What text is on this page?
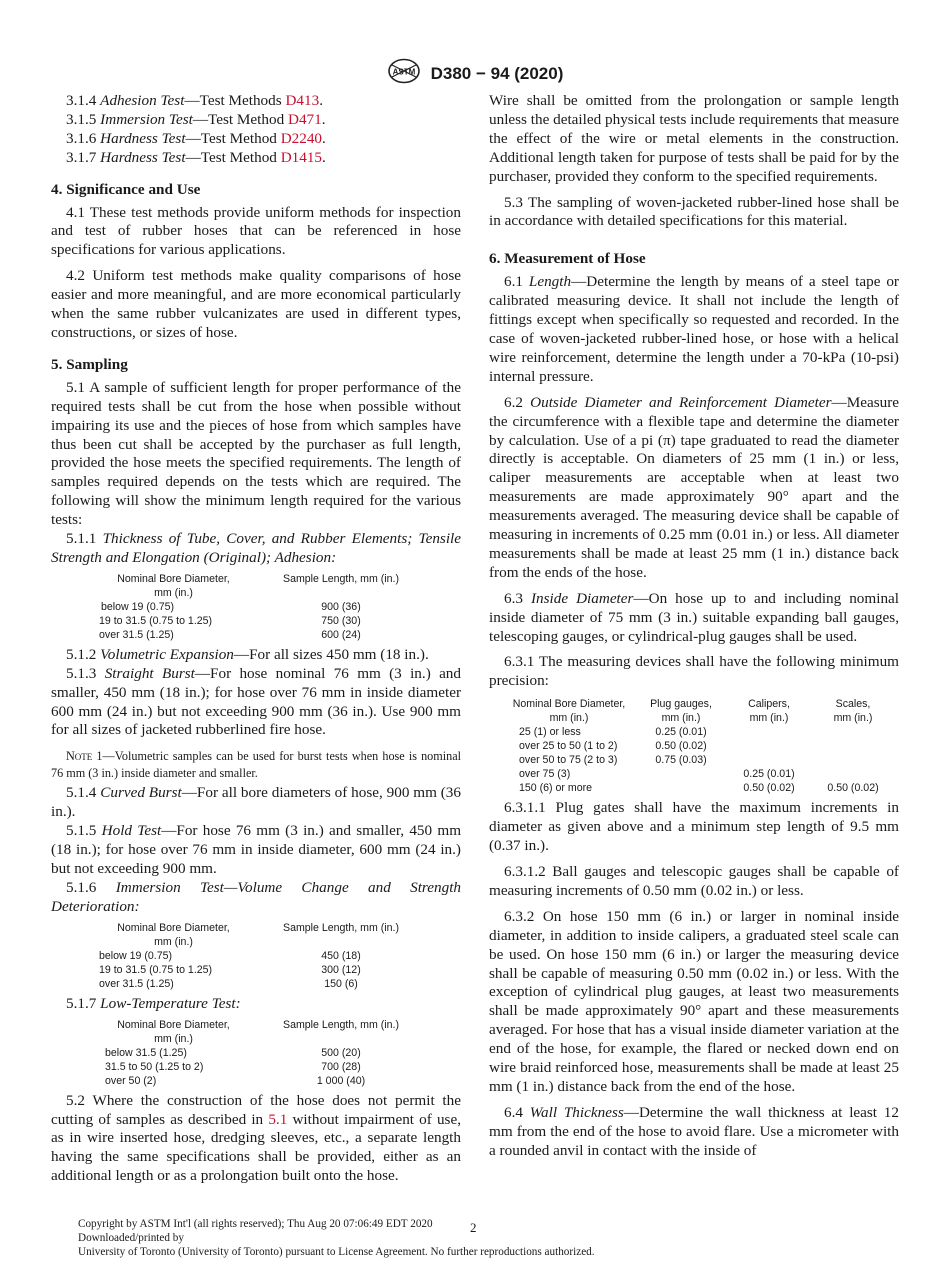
ASTM D380 − 94 (2020)

3.1.4 Adhesion Test—Test Methods D413.

3.1.5 Immersion Test—Test Method D471.

3.1.6 Hardness Test—Test Method D2240.

3.1.7 Hardness Test—Test Method D1415.

4. Significance and Use

4.1 These test methods provide uniform methods for inspection and test of rubber hoses that can be referenced in hose specifications for various applications.

4.2 Uniform test methods make quality comparisons of hose easier and more meaningful, and are more economical particularly when the same rubber vulcanizates are used in different types, constructions, or sizes of hose.

5. Sampling

5.1 A sample of sufficient length for proper performance of the required tests shall be cut from the hose when possible without impairing its use and the pieces of hose from which samples have thus been cut shall be accepted by the purchaser as full length, provided the hose meets the specified requirements. The length of samples required depends on the tests which are required. The following will show the minimum length required for the various tests:

5.1.1 Thickness of Tube, Cover, and Rubber Elements; Tensile Strength and Elongation (Original); Adhesion:

Nominal Bore Diameter,
mm (in.)	Sample Length, mm (in.)
below 19 (0.75)	900 (36)
19 to 31.5 (0.75 to 1.25)	750 (30)
over 31.5 (1.25)	600 (24)

5.1.2 Volumetric Expansion—For all sizes 450 mm (18 in.).

5.1.3 Straight Burst—For hose nominal 76 mm (3 in.) and smaller, 450 mm (18 in.); for hose over 76 mm in inside diameter 600 mm (24 in.) but not exceeding 900 mm (36 in.). Use 900 mm for all sizes of jacketed rubberlined fire hose.

Note 1—Volumetric samples can be used for burst tests when hose is nominal 76 mm (3 in.) inside diameter and smaller.

5.1.4 Curved Burst—For all bore diameters of hose, 900 mm (36 in.).

5.1.5 Hold Test—For hose 76 mm (3 in.) and smaller, 450 mm (18 in.); for hose over 76 mm in inside diameter, 600 mm (24 in.) but not exceeding 900 mm.

5.1.6 Immersion Test—Volume Change and Strength Deterioration:

Nominal Bore Diameter,
mm (in.)	Sample Length, mm (in.)
below 19 (0.75)	450 (18)
19 to 31.5 (0.75 to 1.25)	300 (12)
over 31.5 (1.25)	150 (6)

5.1.7 Low-Temperature Test:

Nominal Bore Diameter,
mm (in.)	Sample Length, mm (in.)
below 31.5 (1.25)	500 (20)
31.5 to 50 (1.25 to 2)	700 (28)
over 50 (2)	1 000 (40)

5.2 Where the construction of the hose does not permit the cutting of samples as described in 5.1 without impairment of use, as in wire inserted hose, dredging sleeves, etc., a separate length having the same specifications shall be provided, either as an additional length or as a prolongation built onto the hose.

Wire shall be omitted from the prolongation or sample length unless the detailed physical tests include requirements that measure the effect of the wire or metal elements in the construction. Additional length taken for purpose of tests shall be paid for by the purchaser, provided they conform to the specified requirements.

5.3 The sampling of woven-jacketed rubber-lined hose shall be in accordance with detailed specifications for this material.

6. Measurement of Hose

6.1 Length—Determine the length by means of a steel tape or calibrated measuring device. It shall not include the length of fittings except when specifically so requested and recorded. In the case of woven-jacketed rubber-lined hose, or hose with a helical wire reinforcement, determine the length under a 70-kPa (10-psi) internal pressure.

6.2 Outside Diameter and Reinforcement Diameter—Measure the circumference with a flexible tape and determine the diameter by calculation. Use of a pi (π) tape graduated to read the diameter directly is acceptable. On diameters of 25 mm (1 in.) or less, caliper measurements are acceptable when at least two measurements are made approximately 90° apart and the measurements averaged. The measuring device shall be capable of measuring in increments of 0.25 mm (0.01 in.) or less. All diameter measurements shall be made at least 25 mm (1 in.) distance back from the ends of the hose.

6.3 Inside Diameter—On hose up to and including nominal inside diameter of 75 mm (3 in.) suitable expanding ball gauges, telescoping gauges, or cylindrical-plug gauges shall be used.

6.3.1 The measuring devices shall have the following minimum precision:

Nominal Bore Diameter,
mm (in.)	Plug gauges,
mm (in.)	Calipers,
mm (in.)	Scales,
mm (in.)
25 (1) or less	0.25 (0.01)		
over 25 to 50 (1 to 2)	0.50 (0.02)		
over 50 to 75 (2 to 3)	0.75 (0.03)		
over 75 (3)		0.25 (0.01)	
150 (6) or more		0.50 (0.02)	0.50 (0.02)

6.3.1.1 Plug gates shall have the maximum increments in diameter as given above and a minimum step length of 9.5 mm (0.37 in.).

6.3.1.2 Ball gauges and telescopic gauges shall be capable of measuring increments of 0.50 mm (0.02 in.) or less.

6.3.2 On hose 150 mm (6 in.) or larger in nominal inside diameter, in addition to inside calipers, a graduated steel scale can be used. On hose 150 mm (6 in.) or larger the measuring device shall be capable of measuring 0.50 mm (0.02 in.) or less. With the exception of cylindrical plug gauges, at least two measurements shall be made approximately 90° apart and these measurements averaged. For hose that has a visual inside diameter variation at the end of the hose, for example, the flared or necked down end on wire braid reinforced hose, measurements shall be made at least 25 mm (1 in.) distance back from the end of the hose.

6.4 Wall Thickness—Determine the wall thickness at least 12 mm from the end of the hose to avoid flare. Use a micrometer with a rounded anvil in contact with the inside of

Copyright by ASTM Int'l (all rights reserved); Thu Aug 20 07:06:49 EDT 2020
Downloaded/printed by
University of Toronto (University of Toronto) pursuant to License Agreement. No further reproductions authorized.
2
